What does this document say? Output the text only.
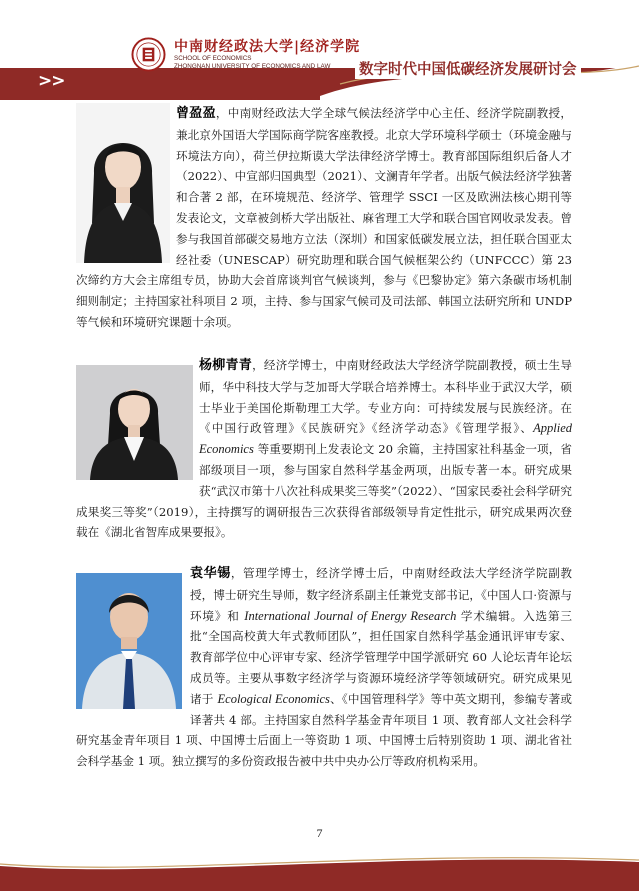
>>
中南财经政法大学|经济学院
SCHOOL OF ECONOMICS
ZHONGNAN UNIVERSITY OF ECONOMICS AND LAW 数字时代中国低碳经济发展研讨会
曾盈盈，中南财经政法大学全球气候法经济学中心主任、经济学院副教授，兼北京外国语大学国际商学院客座教授。北京大学环境科学硕士（环境金融与环境法方向），荷兰伊拉斯谟大学法律经济学博士。教育部国际组织后备人才（2022）、中宣部归国典型（2021）、文澜青年学者。出版气候法经济学独著和合著 2 部，在环境规范、经济学、管理学 SSCI 一区及欧洲法核心期刊等发表论文，文章被剑桥大学出版社、麻省理工大学和联合国官网收录发表。曾参与我国首部碳交易地方立法（深圳）和国家低碳发展立法，担任联合国亚太经社委（UNESCAP）研究助理和联合国气候框架公约（UNFCCC）第 23 次缔约方大会主席组专员，协助大会首席谈判官气候谈判，参与《巴黎协定》第六条碳市场机制细则制定；主持国家社科项目 2 项，主持、参与国家气候司及司法部、韩国立法研究所和 UNDP 等气候和环境研究课题十余项。
杨柳青青，经济学博士，中南财经政法大学经济学院副教授，硕士生导师，华中科技大学与芝加哥大学联合培养博士。本科毕业于武汉大学，硕士毕业于美国伦斯勒理工大学。专业方向：可持续发展与民族经济。在《中国行政管理》《民族研究》《经济学动态》《管理学报》、Applied Economics 等重要期刊上发表论文 20 余篇，主持国家社科基金一项，省部级项目一项，参与国家自然科学基金两项，出版专著一本。研究成果获“武汉市第十八次社科成果奖三等奖”（2022）、“国家民委社会科学研究成果奖三等奖”（2019），主持撰写的调研报告三次获得省部级领导肯定性批示，研究成果两次登载在《湖北省智库成果要报》。
袁华锡，管理学博士，经济学博士后，中南财经政法大学经济学院副教授，博士研究生导师，数字经济系副主任兼党支部书记，《中国人口·资源与环境》和 International Journal of Energy Research 学术编辑。入选第三批“全国高校黄大年式教师团队”，担任国家自然科学基金通讯评审专家、教育部学位中心评审专家、经济学管理学中国学派研究 60 人论坛青年论坛成员等。主要从事数字经济学与资源环境经济学等领域研究。研究成果见诸于 Ecological Economics、《中国管理科学》等中英文期刊，参编专著或译著共 4 部。主持国家自然科学基金青年项目 1 项、教育部人文社会科学研究基金青年项目 1 项、中国博士后面上一等资助 1 项、中国博士后特别资助 1 项、湖北省社会科学基金 1 项。独立撰写的多份资政报告被中共中央办公厅等政府机构采用。
7
